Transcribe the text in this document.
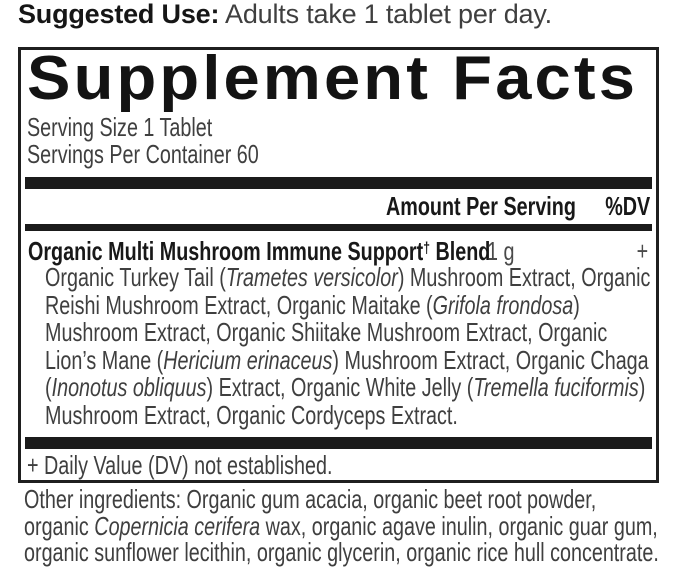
Suggested Use: Adults take 1 tablet per day.
Supplement Facts
Serving Size 1 Tablet
Servings Per Container 60
Amount Per Serving %DV
Organic Multi Mushroom Immune Support† Blend
1 g	+
Organic Turkey Tail (Trametes versicolor) Mushroom Extract, Organic
Reishi Mushroom Extract, Organic Maitake (Grifola frondosa)
Mushroom Extract, Organic Shiitake Mushroom Extract, Organic
Lion’s Mane (Hericium erinaceus) Mushroom Extract, Organic Chaga
(Inonotus obliquus) Extract, Organic White Jelly (Tremella fuciformis)
Mushroom Extract, Organic Cordyceps Extract.
+ Daily Value (DV) not established.
Other ingredients: Organic gum acacia, organic beet root powder,
organic Copernicia cerifera wax, organic agave inulin, organic guar gum,
organic sunflower lecithin, organic glycerin, organic rice hull concentrate.
